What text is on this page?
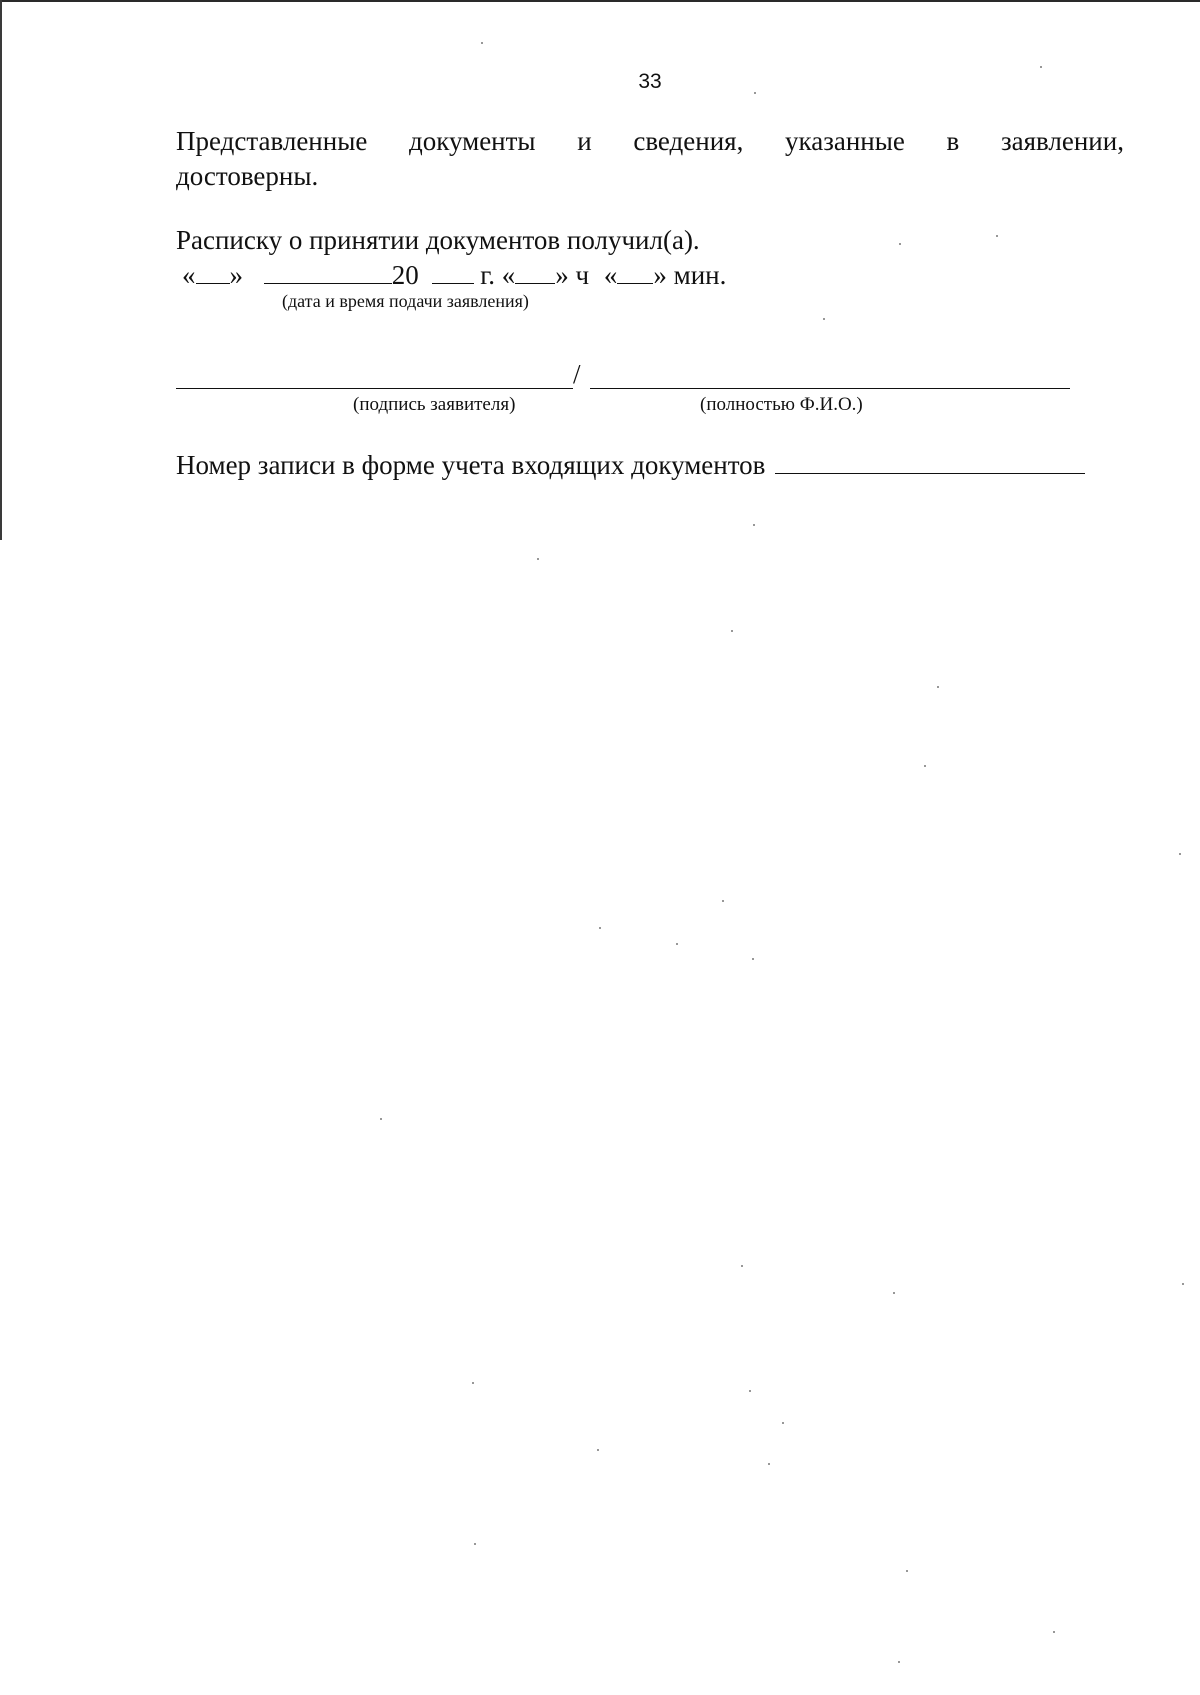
33
Представленные документы и сведения, указанные в заявлении,
достоверны.
Расписку о принятии документов получил(а).
« »	20 г. « » ч « » мин.
(дата и время подачи заявления)
/
(подпись заявителя)	(полностью Ф.И.О.)
Номер записи в форме учета входящих документов
